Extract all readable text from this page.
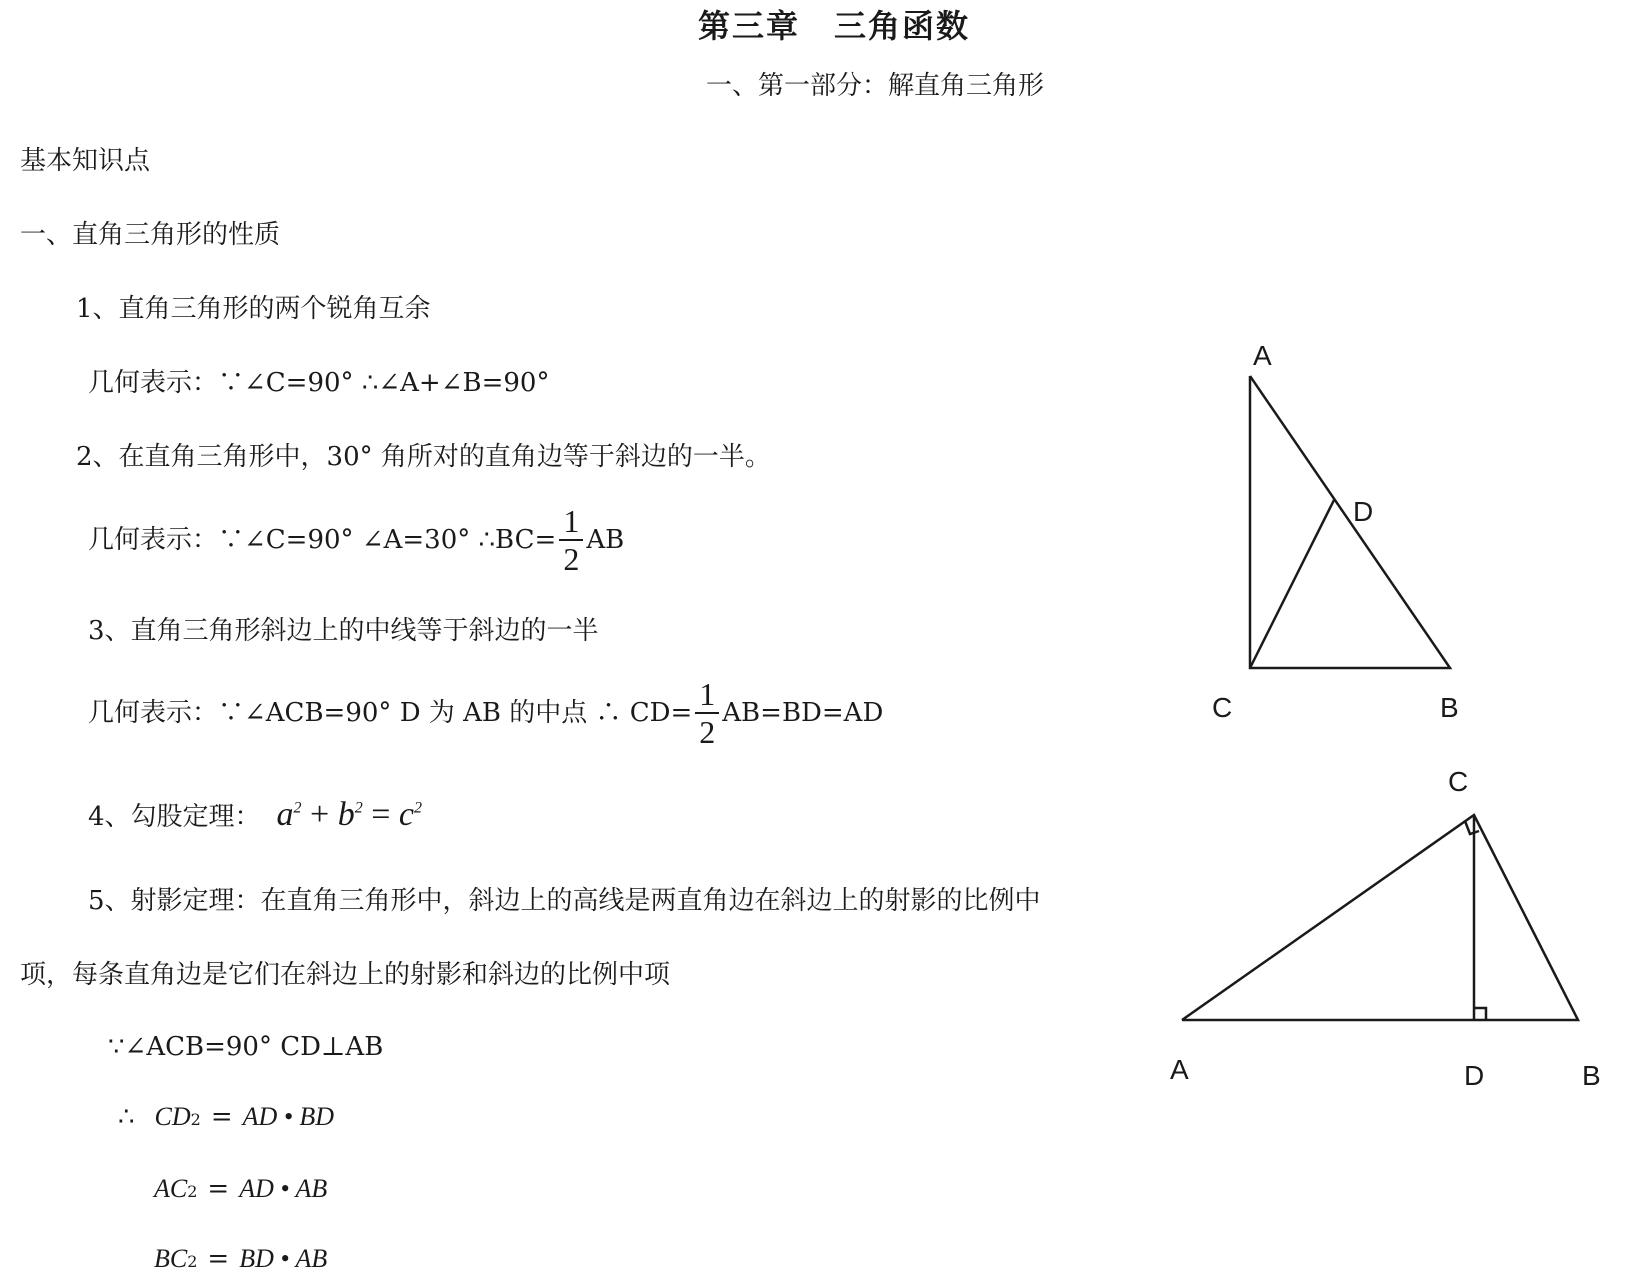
第三章　三角函数
一、第一部分：解直角三角形
基本知识点
一、直角三角形的性质
1、直角三角形的两个锐角互余
几何表示：∵∠C=90° ∴∠A+∠B=90°
2、在直角三角形中，30° 角所对的直角边等于斜边的一半。
几何表示：∵∠C=90° ∠A=30° ∴BC= $\frac{1}{2}$ AB
3、直角三角形斜边上的中线等于斜边的一半
几何表示：∵∠ACB=90° D 为 AB 的中点 ∴ $CD= \frac{1}{2} AB=BD=AD$
4、勾股定理： $a^2 + b^2 = c^2$
5、射影定理：在直角三角形中，斜边上的高线是两直角边在斜边上的射影的比例中
项，每条直角边是它们在斜边上的射影和斜边的比例中项
∵∠ACB=90° CD⊥AB
∴ CD 2 = AD • BD
AC 2 = AD • AB
BC 2 = BD • AB
A
D
C	B
C
A	D	B
